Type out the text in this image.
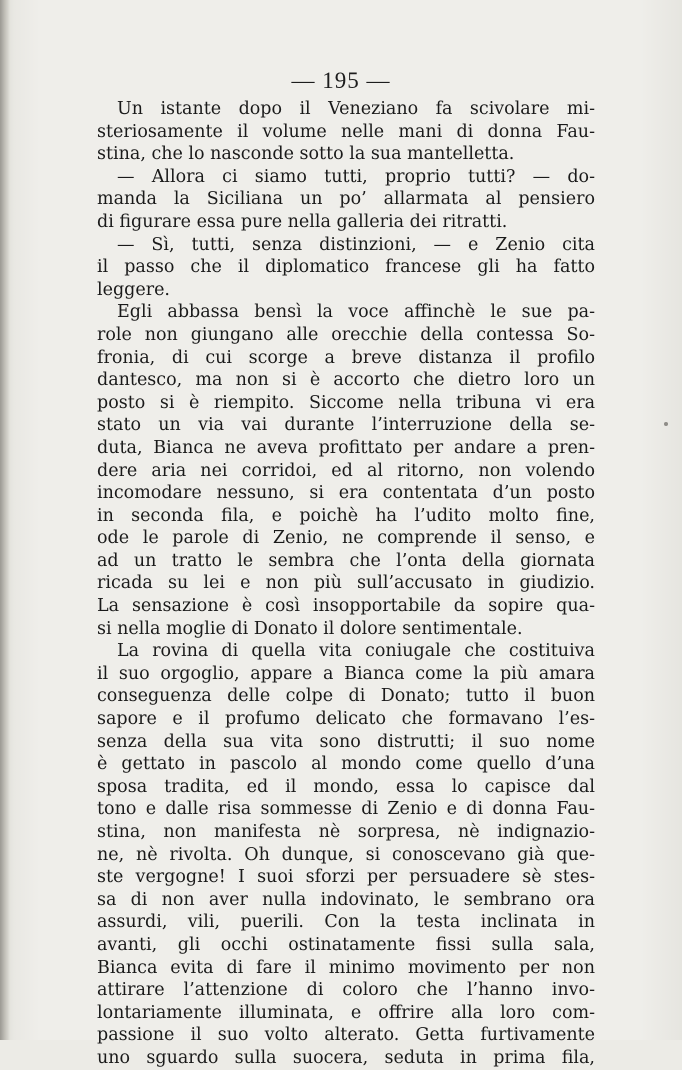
— 195 —
Un istante dopo il Veneziano fa scivolare mi-
steriosamente il volume nelle mani di donna Fau-
stina, che lo nasconde sotto la sua mantelletta.
— Allora ci siamo tutti, proprio tutti? — do-
manda la Siciliana un po’ allarmata al pensiero
di figurare essa pure nella galleria dei ritratti.
— Sì, tutti, senza distinzioni, — e Zenio cita
il passo che il diplomatico francese gli ha fatto
leggere.
Egli abbassa bensì la voce affinchè le sue pa-
role non giungano alle orecchie della contessa So-
fronia, di cui scorge a breve distanza il profilo
dantesco, ma non si è accorto che dietro loro un
posto si è riempito. Siccome nella tribuna vi era
stato un via vai durante l’interruzione della se-
duta, Bianca ne aveva profittato per andare a pren-
dere aria nei corridoi, ed al ritorno, non volendo
incomodare nessuno, si era contentata d’un posto
in seconda fila, e poichè ha l’udito molto fine,
ode le parole di Zenio, ne comprende il senso, e
ad un tratto le sembra che l’onta della giornata
ricada su lei e non più sull’accusato in giudizio.
La sensazione è così insopportabile da sopire qua-
si nella moglie di Donato il dolore sentimentale.
La rovina di quella vita coniugale che costituiva
il suo orgoglio, appare a Bianca come la più amara
conseguenza delle colpe di Donato; tutto il buon
sapore e il profumo delicato che formavano l’es-
senza della sua vita sono distrutti; il suo nome
è gettato in pascolo al mondo come quello d’una
sposa tradita, ed il mondo, essa lo capisce dal
tono e dalle risa sommesse di Zenio e di donna Fau-
stina, non manifesta nè sorpresa, nè indignazio-
ne, nè rivolta. Oh dunque, si conoscevano già que-
ste vergogne! I suoi sforzi per persuadere sè stes-
sa di non aver nulla indovinato, le sembrano ora
assurdi, vili, puerili. Con la testa inclinata in
avanti, gli occhi ostinatamente fissi sulla sala,
Bianca evita di fare il minimo movimento per non
attirare l’attenzione di coloro che l’hanno invo-
lontariamente illuminata, e offrire alla loro com-
passione il suo volto alterato. Getta furtivamente
uno sguardo sulla suocera, seduta in prima fila,
